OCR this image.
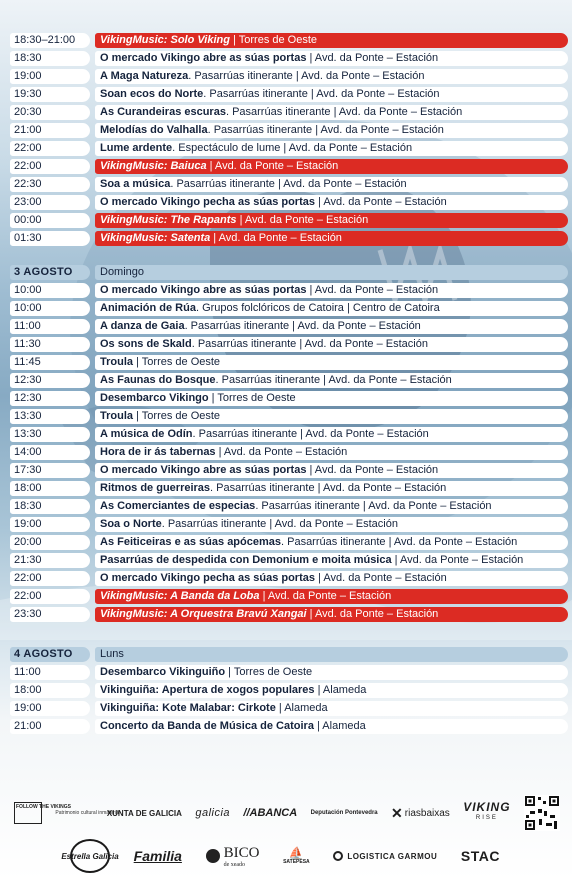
18:30–21:00	VikingMusic: Solo Viking | Torres de Oeste
18:30	O mercado Vikingo abre as súas portas | Avd. da Ponte – Estación
19:00	A Maga Natureza. Pasarrúas itinerante | Avd. da Ponte – Estación
19:30	Soan ecos do Norte. Pasarrúas itinerante | Avd. da Ponte – Estación
20:30	As Curandeiras escuras. Pasarrúas itinerante | Avd. da Ponte – Estación
21:00	Melodías do Valhalla. Pasarrúas itinerante | Avd. da Ponte – Estación
22:00	Lume ardente. Espectáculo de lume | Avd. da Ponte – Estación
22:00	VikingMusic: Baiuca | Avd. da Ponte – Estación
22:30	Soa a música. Pasarrúas itinerante | Avd. da Ponte – Estación
23:00	O mercado Vikingo pecha as súas portas | Avd. da Ponte – Estación
00:00	VikingMusic: The Rapants | Avd. da Ponte – Estación
01:30	VikingMusic: Satenta | Avd. da Ponte – Estación
3 AGOSTO	Domingo
10:00	O mercado Vikingo abre as súas portas | Avd. da Ponte – Estación
10:00	Animación de Rúa. Grupos folclóricos de Catoira | Centro de Catoira
11:00	A danza de Gaia. Pasarrúas itinerante | Avd. da Ponte – Estación
11:30	Os sons de Skald. Pasarrúas itinerante | Avd. da Ponte – Estación
11:45	Troula | Torres de Oeste
12:30	As Faunas do Bosque. Pasarrúas itinerante | Avd. da Ponte – Estación
12:30	Desembarco Vikingo | Torres de Oeste
13:30	Troula | Torres de Oeste
13:30	A música de Odín. Pasarrúas itinerante | Avd. da Ponte – Estación
14:00	Hora de ir ás tabernas | Avd. da Ponte – Estación
17:30	O mercado Vikingo abre as súas portas | Avd. da Ponte – Estación
18:00	Ritmos de guerreiras. Pasarrúas itinerante | Avd. da Ponte – Estación
18:30	As Comerciantes de especias. Pasarrúas itinerante | Avd. da Ponte – Estación
19:00	Soa o Norte. Pasarrúas itinerante | Avd. da Ponte – Estación
20:00	As Feiticeiras e as súas apócemas. Pasarrúas itinerante | Avd. da Ponte – Estación
21:30	Pasarrúas de despedida con Demonium e moita música | Avd. da Ponte – Estación
22:00	O mercado Vikingo pecha as súas portas | Avd. da Ponte – Estación
22:00	VikingMusic: A Banda da Loba | Avd. da Ponte – Estación
23:30	VikingMusic: A Orquestra Bravú Xangai | Avd. da Ponte – Estación
4 AGOSTO	Luns
11:00	Desembarco Vikinguiño | Torres de Oeste
18:00	Vikinguiña: Apertura de xogos populares | Alameda
19:00	Vikinguiña: Kote Malabar: Cirkote | Alameda
21:00	Concerto da Banda de Música de Catoira | Alameda
FOLLOW THE VIKINGS
Patrimonio cultural inmaterial
XUNTA DE GALICIA galicia //ABANCA Deputación Pontevedra ✕ riasbaixas VIKING
RISE
Estrella Galicia Familia	BICO
de xeado
⛵
SATEPESA
LOGISTICA GARMOU STAC
